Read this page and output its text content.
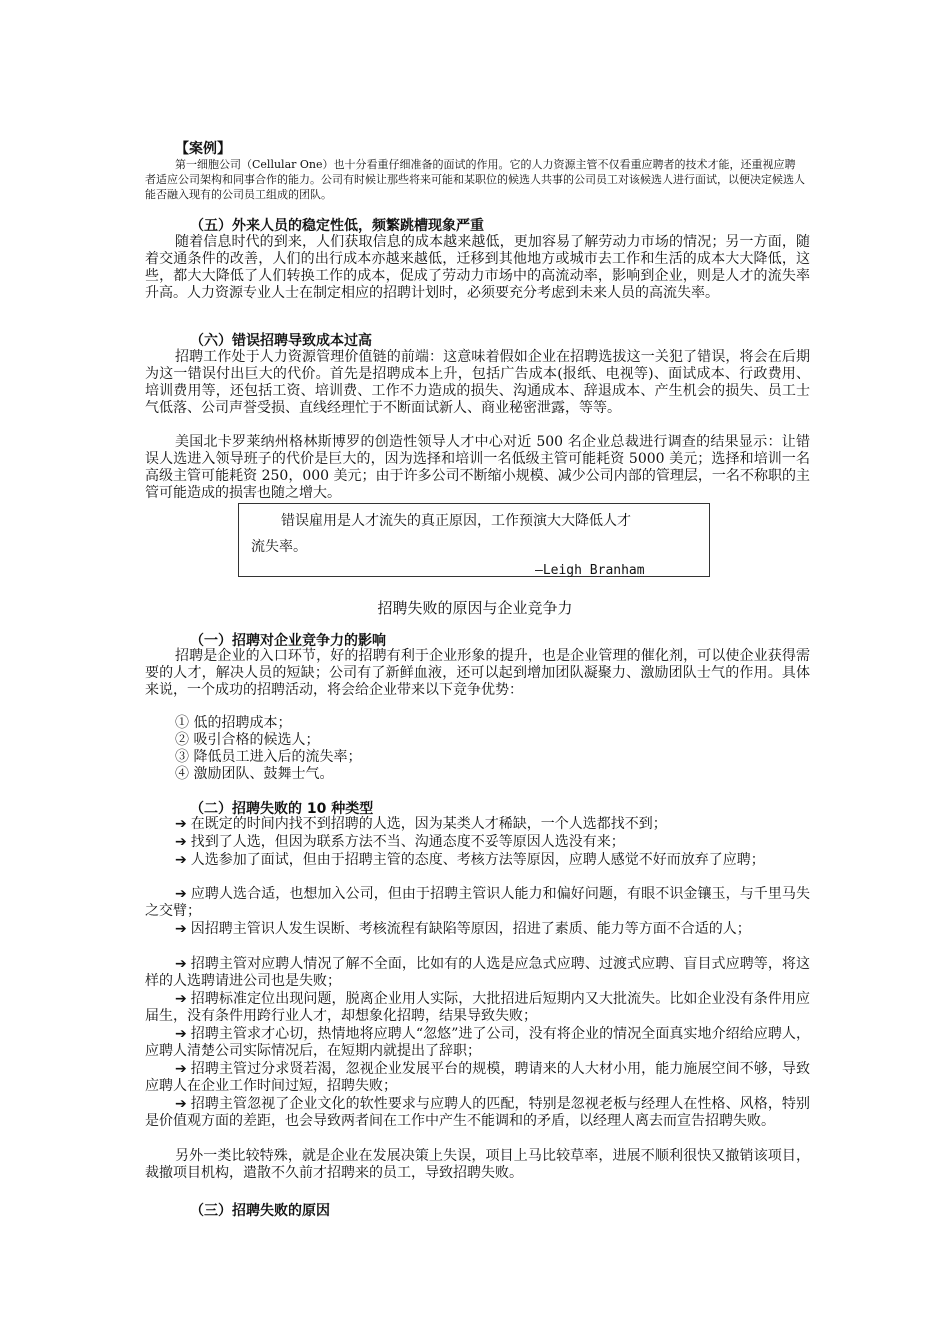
【案例】
第一细胞公司（Cellular One）也十分看重仔细准备的面试的作用。它的人力资源主管不仅看重应聘者的技术才能，还重视应聘者适应公司架构和同事合作的能力。公司有时候让那些将来可能和某职位的候选人共事的公司员工对该候选人进行面试，以便决定候选人能否融入现有的公司员工组成的团队。
（五）外来人员的稳定性低，频繁跳槽现象严重
随着信息时代的到来，人们获取信息的成本越来越低，更加容易了解劳动力市场的情况；另一方面，随着交通条件的改善，人们的出行成本亦越来越低，迁移到其他地方或城市去工作和生活的成本大大降低，这些，都大大降低了人们转换工作的成本，促成了劳动力市场中的高流动率，影响到企业，则是人才的流失率升高。人力资源专业人士在制定相应的招聘计划时，必须要充分考虑到未来人员的高流失率。
（六）错误招聘导致成本过高
招聘工作处于人力资源管理价值链的前端：这意味着假如企业在招聘选拔这一关犯了错误，将会在后期为这一错误付出巨大的代价。首先是招聘成本上升，包括广告成本(报纸、电视等)、面试成本、行政费用、培训费用等，还包括工资、培训费、工作不力造成的损失、沟通成本、辞退成本、产生机会的损失、员工士气低落、公司声誉受损、直线经理忙于不断面试新人、商业秘密泄露，等等。
美国北卡罗莱纳州格林斯博罗的创造性领导人才中心对近 500 名企业总裁进行调查的结果显示：让错误人选进入领导班子的代价是巨大的，因为选择和培训一名低级主管可能耗资 5000 美元；选择和培训一名高级主管可能耗资 250，000 美元；由于许多公司不断缩小规模、减少公司内部的管理层，一名不称职的主管可能造成的损害也随之增大。
错误雇用是人才流失的真正原因，工作预演大大降低人才
流失率。
—Leigh Branham
招聘失败的原因与企业竞争力
（一）招聘对企业竞争力的影响
招聘是企业的入口环节，好的招聘有利于企业形象的提升，也是企业管理的催化剂，可以使企业获得需要的人才，解决人员的短缺；公司有了新鲜血液，还可以起到增加团队凝聚力、激励团队士气的作用。具体来说，一个成功的招聘活动，将会给企业带来以下竞争优势：
① 低的招聘成本；
② 吸引合格的候选人；
③ 降低员工进入后的流失率；
④ 激励团队、鼓舞士气。
（二）招聘失败的 10 种类型
➔ 在既定的时间内找不到招聘的人选，因为某类人才稀缺，一个人选都找不到；
➔ 找到了人选，但因为联系方法不当、沟通态度不妥等原因人选没有来；
➔ 人选参加了面试，但由于招聘主管的态度、考核方法等原因，应聘人感觉不好而放弃了应聘；
➔ 应聘人选合适，也想加入公司，但由于招聘主管识人能力和偏好问题，有眼不识金镶玉，与千里马失之交臂；
➔ 因招聘主管识人发生误断、考核流程有缺陷等原因，招进了素质、能力等方面不合适的人；
➔ 招聘主管对应聘人情况了解不全面，比如有的人选是应急式应聘、过渡式应聘、盲目式应聘等，将这样的人选聘请进公司也是失败；
➔ 招聘标准定位出现问题，脱离企业用人实际，大批招进后短期内又大批流失。比如企业没有条件用应届生，没有条件用跨行业人才，却想象化招聘，结果导致失败；
➔ 招聘主管求才心切，热情地将应聘人“忽悠”进了公司，没有将企业的情况全面真实地介绍给应聘人，应聘人清楚公司实际情况后，在短期内就提出了辞职；
➔ 招聘主管过分求贤若渴，忽视企业发展平台的规模，聘请来的人大材小用，能力施展空间不够，导致应聘人在企业工作时间过短，招聘失败；
➔ 招聘主管忽视了企业文化的软性要求与应聘人的匹配，特别是忽视老板与经理人在性格、风格，特别是价值观方面的差距，也会导致两者间在工作中产生不能调和的矛盾，以经理人离去而宣告招聘失败。
另外一类比较特殊，就是企业在发展决策上失误，项目上马比较草率，进展不顺利很快又撤销该项目，裁撤项目机构，遣散不久前才招聘来的员工，导致招聘失败。
（三）招聘失败的原因
